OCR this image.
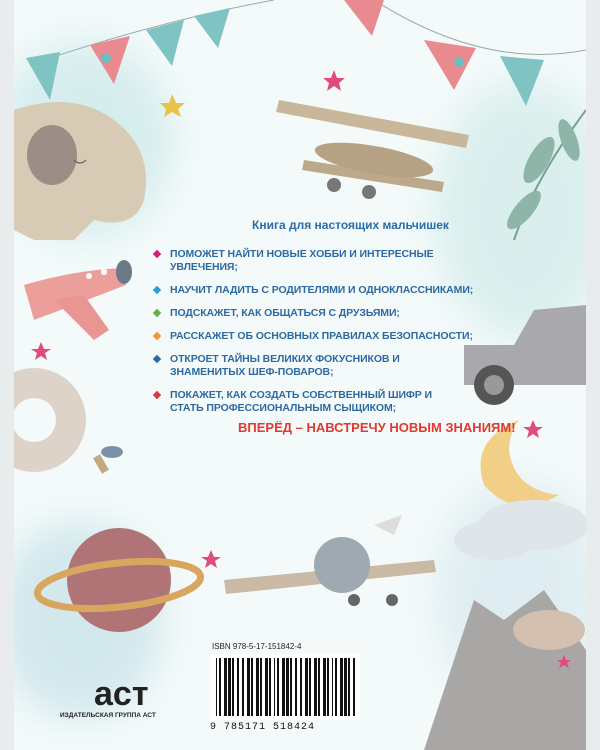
Книга для настоящих мальчишек
ПОМОЖЕТ НАЙТИ НОВЫЕ ХОББИ И ИНТЕРЕСНЫЕ УВЛЕЧЕНИЯ;
НАУЧИТ ЛАДИТЬ С РОДИТЕЛЯМИ И ОДНОКЛАССНИКАМИ;
ПОДСКАЖЕТ, КАК ОБЩАТЬСЯ С ДРУЗЬЯМИ;
РАССКАЖЕТ ОБ ОСНОВНЫХ ПРАВИЛАХ БЕЗОПАСНОСТИ;
ОТКРОЕТ ТАЙНЫ ВЕЛИКИХ ФОКУСНИКОВ И ЗНАМЕНИТЫХ ШЕФ-ПОВАРОВ;
ПОКАЖЕТ, КАК СОЗДАТЬ СОБСТВЕННЫЙ ШИФР И СТАТЬ ПРОФЕССИОНАЛЬНЫМ СЫЩИКОМ;
ВПЕРЁД – НАВСТРЕЧУ НОВЫМ ЗНАНИЯМ!
аст
ИЗДАТЕЛЬСКАЯ ГРУППА АСТ
ISBN 978-5-17-151842-4
9 785171 518424
